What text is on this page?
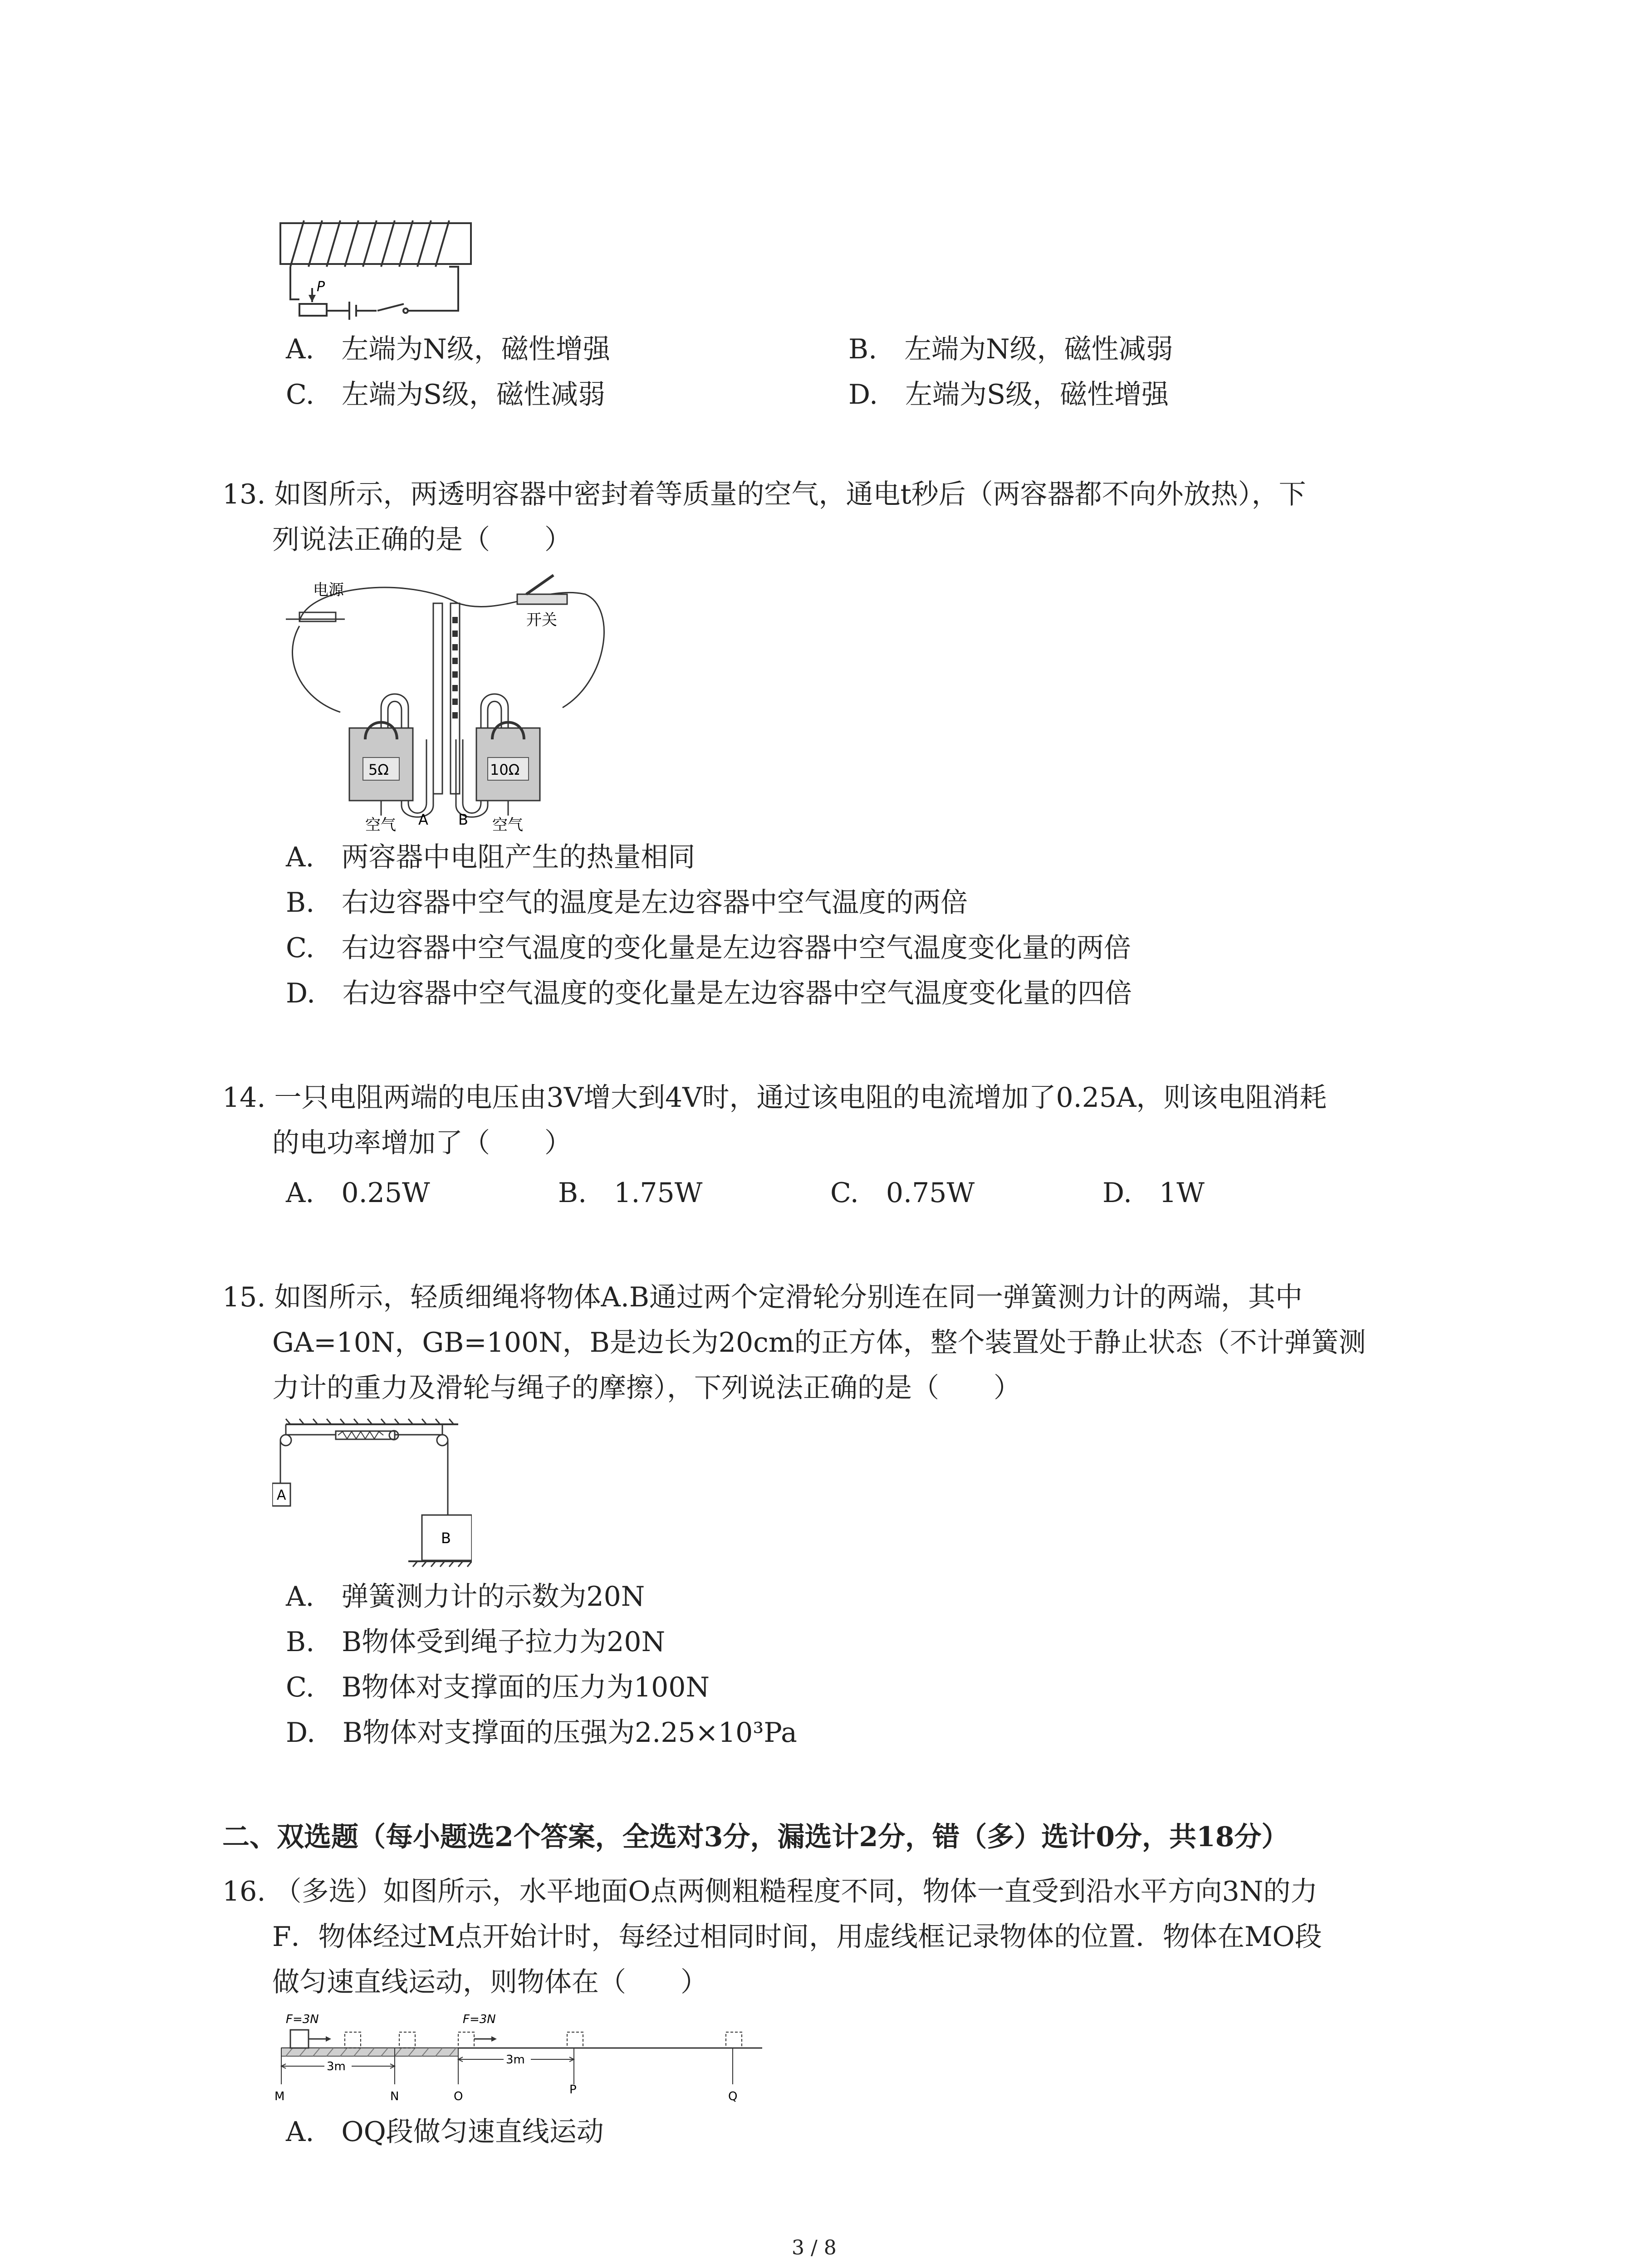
P
A.　 左端为N级，磁性增强	B.　 左端为N级，磁性减弱
C.　 左端为S级，磁性减弱	D.　 左端为S级，磁性增强
13. 如图所示，两透明容器中密封着等质量的空气，通电t秒后（两容器都不向外放热），下
列说法正确的是（　　）
电源
开关
5Ω	10Ω
空气	空气
A B
A.　 两容器中电阻产生的热量相同
B.　 右边容器中空气的温度是左边容器中空气温度的两倍
C.　 右边容器中空气温度的变化量是左边容器中空气温度变化量的两倍
D.　 右边容器中空气温度的变化量是左边容器中空气温度变化量的四倍
14. 一只电阻两端的电压由3V增大到4V时，通过该电阻的电流增加了0.25A，则该电阻消耗
的电功率增加了（　　）
A.　 0.25W	B.　 1.75W	C.　 0.75W	D.　 1W
15. 如图所示，轻质细绳将物体A.B通过两个定滑轮分别连在同一弹簧测力计的两端，其中
GA=10N，GB=100N，B是边长为20cm的正方体，整个装置处于静止状态（不计弹簧测
力计的重力及滑轮与绳子的摩擦），下列说法正确的是（　　）
A
B
A.　 弹簧测力计的示数为20N
B.　 B物体受到绳子拉力为20N
C.　 B物体对支撑面的压力为100N
D.　 B物体对支撑面的压强为2.25×10³Pa
二、双选题（每小题选2个答案，全选对3分，漏选计2分，错（多）选计0分，共18分）
16. （多选）如图所示，水平地面O点两侧粗糙程度不同，物体一直受到沿水平方向3N的力
F．物体经过M点开始计时，每经过相同时间，用虚线框记录物体的位置．物体在MO段
做匀速直线运动，则物体在（　　）
F=3N	F=3N
3m	3m
M	N	O	P	Q
A.　 OQ段做匀速直线运动
3 / 8
